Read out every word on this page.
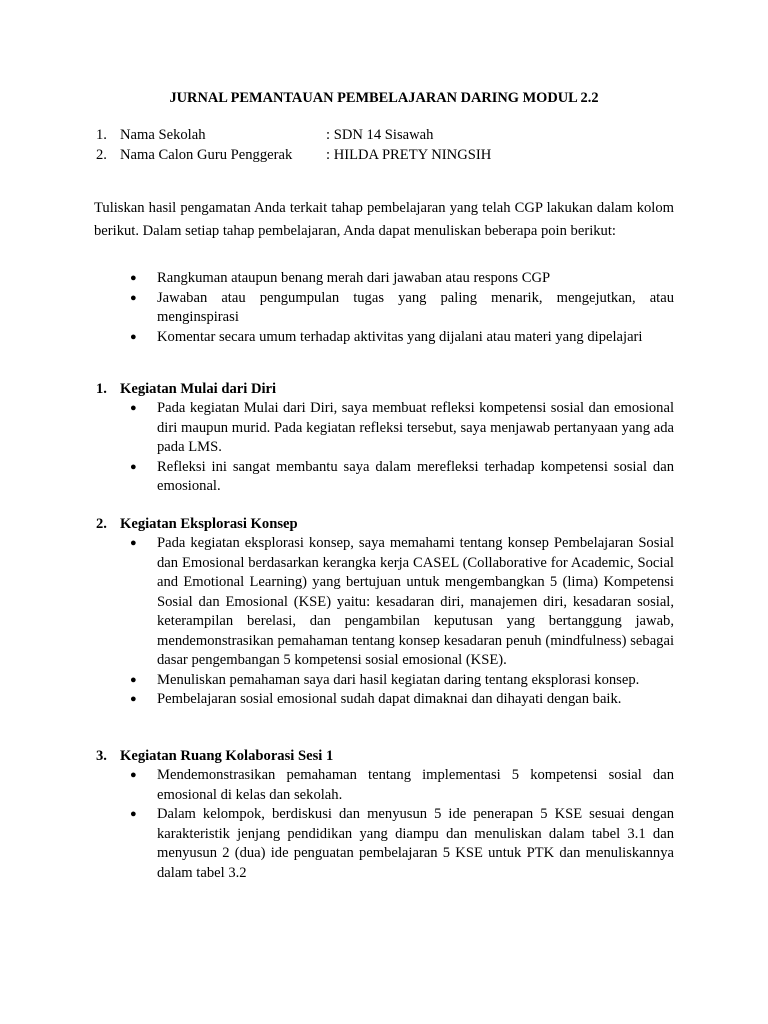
JURNAL PEMANTAUAN PEMBELAJARAN DARING MODUL 2.2
1. Nama Sekolah	: SDN 14 Sisawah
2. Nama Calon Guru Penggerak : HILDA PRETY NINGSIH
Tuliskan hasil pengamatan Anda terkait tahap pembelajaran yang telah CGP lakukan dalam kolom berikut. Dalam setiap tahap pembelajaran, Anda dapat menuliskan beberapa poin berikut:
● Rangkuman ataupun benang merah dari jawaban atau respons CGP
● Jawaban atau pengumpulan tugas yang paling menarik, mengejutkan, atau menginspirasi
● Komentar secara umum terhadap aktivitas yang dijalani atau materi yang dipelajari
1. Kegiatan Mulai dari Diri
● Pada kegiatan Mulai dari Diri, saya membuat refleksi kompetensi sosial dan emosional diri maupun murid. Pada kegiatan refleksi tersebut, saya menjawab pertanyaan yang ada pada LMS.
● Refleksi ini sangat membantu saya dalam merefleksi terhadap kompetensi sosial dan emosional.
2. Kegiatan Eksplorasi Konsep
● Pada kegiatan eksplorasi konsep, saya memahami tentang konsep Pembelajaran Sosial dan Emosional berdasarkan kerangka kerja CASEL (Collaborative for Academic, Social and Emotional Learning) yang bertujuan untuk mengembangkan 5 (lima) Kompetensi Sosial dan Emosional (KSE) yaitu: kesadaran diri, manajemen diri, kesadaran sosial, keterampilan berelasi, dan pengambilan keputusan yang bertanggung jawab, mendemonstrasikan pemahaman tentang konsep kesadaran penuh (mindfulness) sebagai dasar pengembangan 5 kompetensi sosial emosional (KSE).
● Menuliskan pemahaman saya dari hasil kegiatan daring tentang eksplorasi konsep.
● Pembelajaran sosial emosional sudah dapat dimaknai dan dihayati dengan baik.
3. Kegiatan Ruang Kolaborasi Sesi 1
● Mendemonstrasikan pemahaman tentang implementasi 5 kompetensi sosial dan emosional di kelas dan sekolah.
● Dalam kelompok, berdiskusi dan menyusun 5 ide penerapan 5 KSE sesuai dengan karakteristik jenjang pendidikan yang diampu dan menuliskan dalam tabel 3.1 dan menyusun 2 (dua) ide penguatan pembelajaran 5 KSE untuk PTK dan menuliskannya dalam tabel 3.2
